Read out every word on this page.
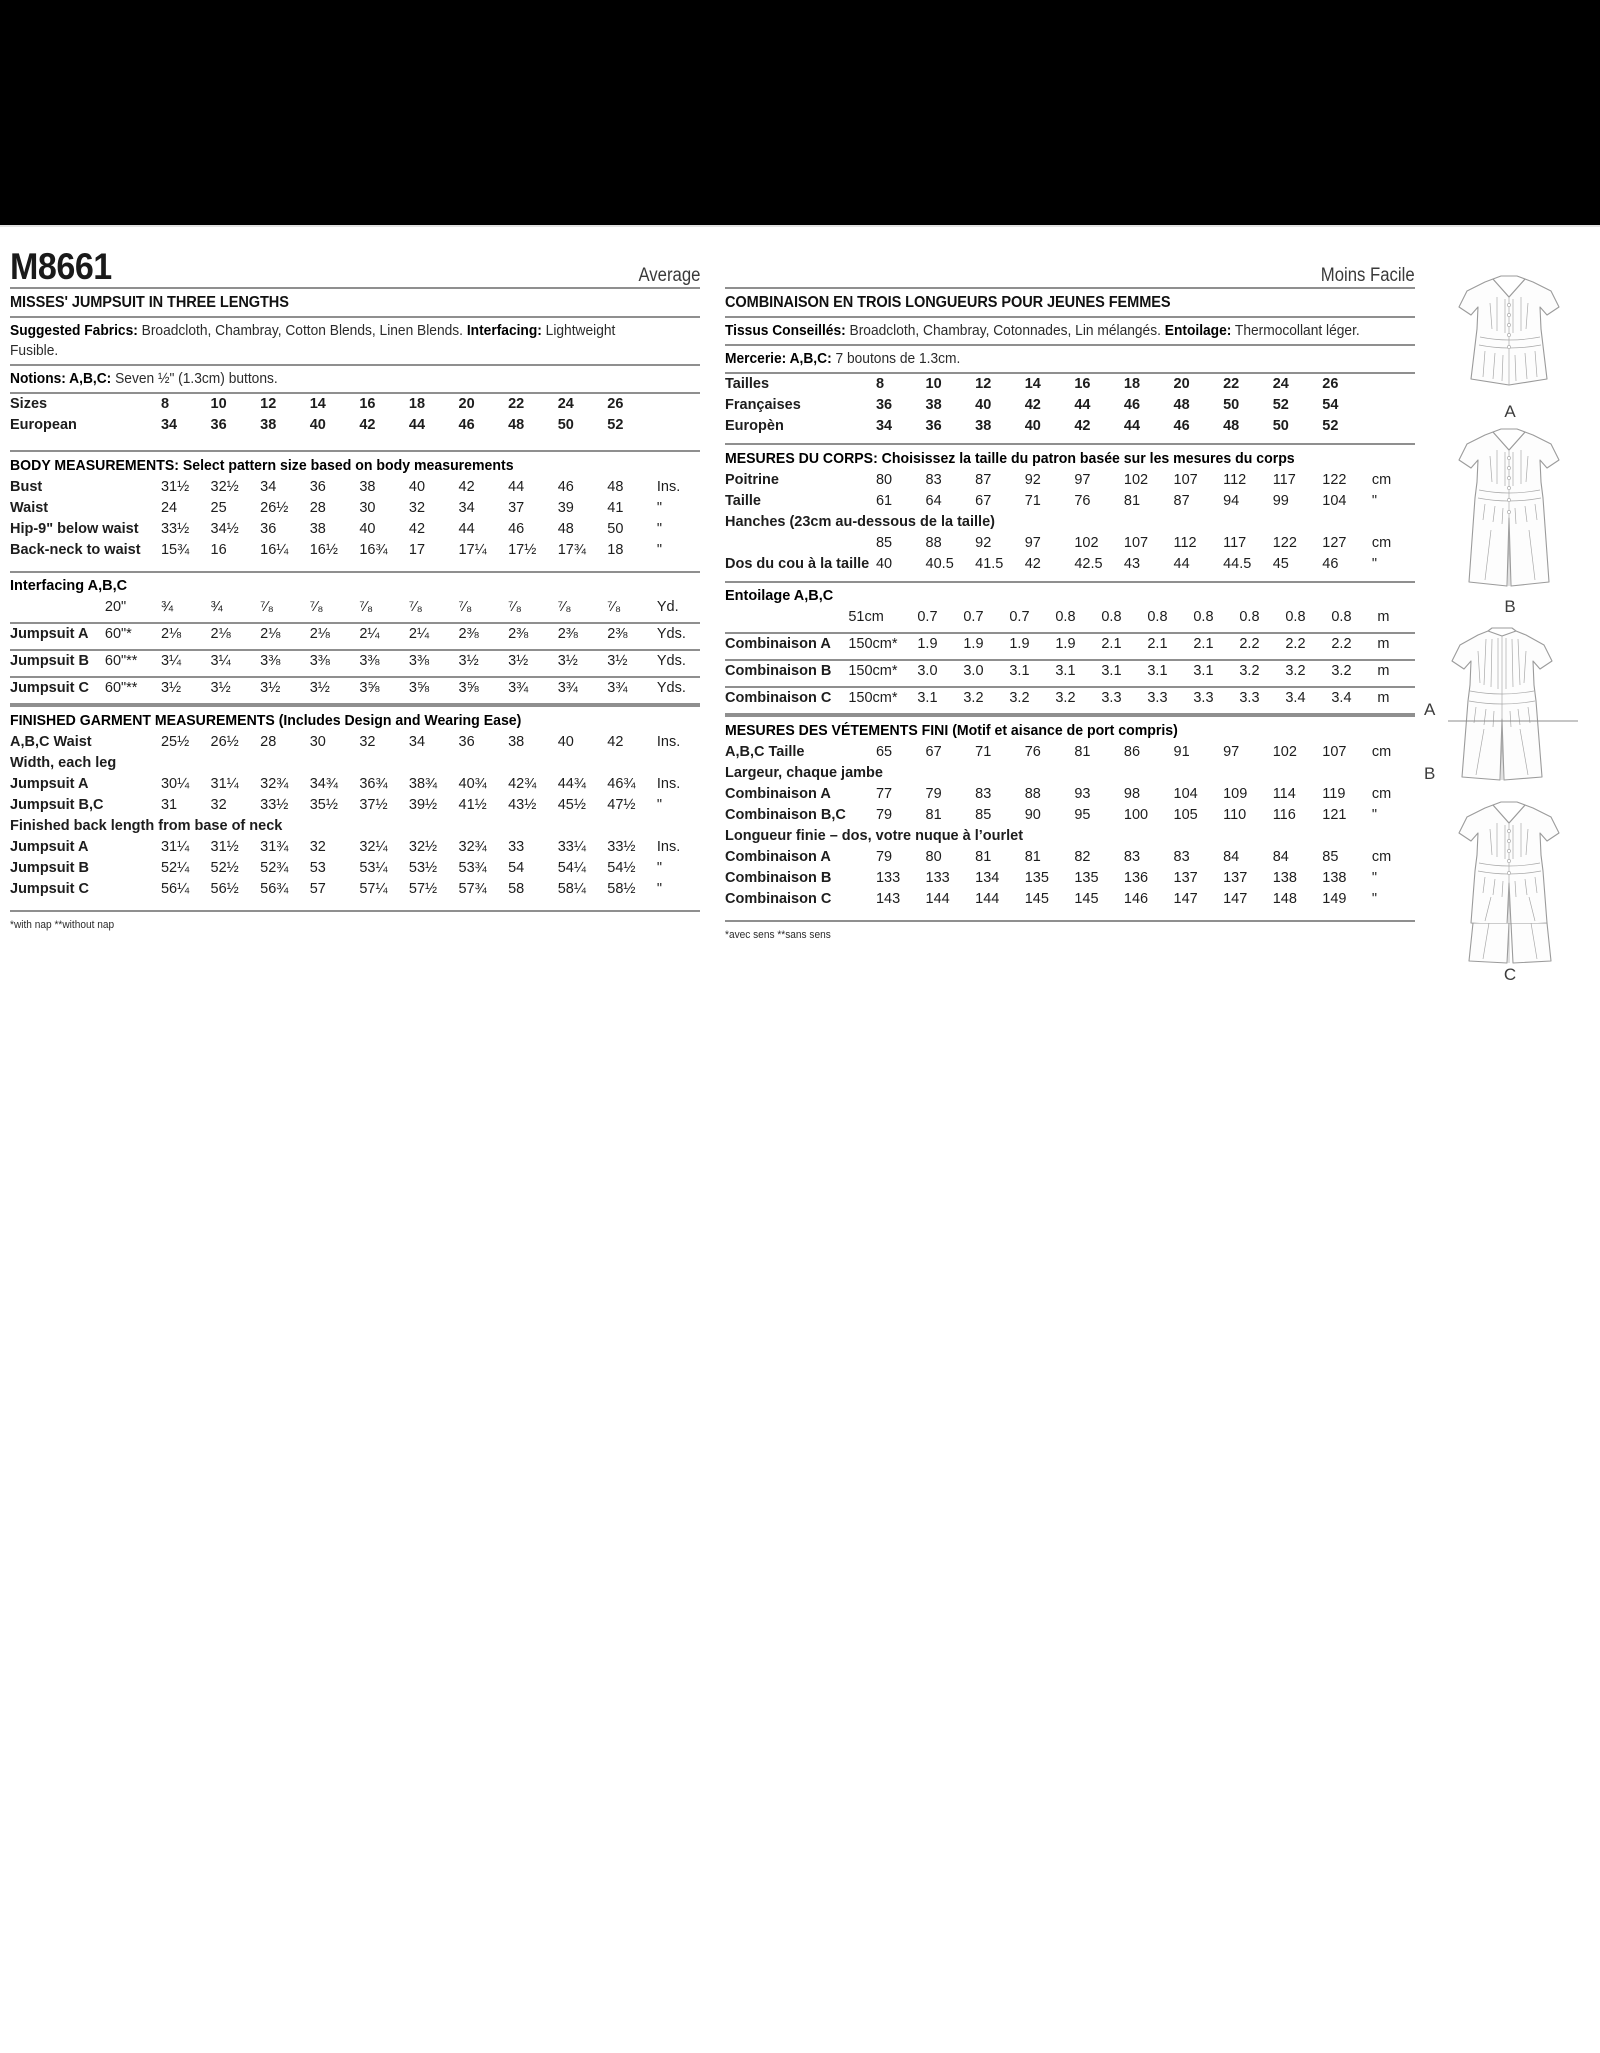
M8661	Average
MISSES' JUMPSUIT IN THREE LENGTHS
Suggested Fabrics: Broadcloth, Chambray, Cotton Blends, Linen Blends. Interfacing: Lightweight Fusible.
Notions: A,B,C: Seven ½" (1.3cm) buttons.
Sizes	8	10	12	14	16	18	20	22	24	26	
European	34	36	38	40	42	44	46	48	50	52	
BODY MEASUREMENTS: Select pattern size based on body measurements
Bust	31½	32½	34	36	38	40	42	44	46	48	Ins.
Waist	24	25	26½	28	30	32	34	37	39	41	"
Hip-9" below waist	33½	34½	36	38	40	42	44	46	48	50	"
Back-neck to waist	15¾	16	16¼	16½	16¾	17	17¼	17½	17¾	18	"
Interfacing A,B,C
	20"	¾	¾	⁷⁄₈	⁷⁄₈	⁷⁄₈	⁷⁄₈	⁷⁄₈	⁷⁄₈	⁷⁄₈	⁷⁄₈	Yd.

Jumpsuit A	60"*	2⅛	2⅛	2⅛	2⅛	2¼	2¼	2⅜	2⅜	2⅜	2⅜	Yds.

Jumpsuit B	60"**	3¼	3¼	3⅜	3⅜	3⅜	3⅜	3½	3½	3½	3½	Yds.

Jumpsuit C	60"**	3½	3½	3½	3½	3⅝	3⅝	3⅝	3¾	3¾	3¾	Yds.

FINISHED GARMENT MEASUREMENTS (Includes Design and Wearing Ease)
A,B,C Waist	25½	26½	28	30	32	34	36	38	40	42	Ins.
Width, each leg											
Jumpsuit A	30¼	31¼	32¾	34¾	36¾	38¾	40¾	42¾	44¾	46¾	Ins.
Jumpsuit B,C	31	32	33½	35½	37½	39½	41½	43½	45½	47½	"
Finished back length from base of neck											
Jumpsuit A	31¼	31½	31¾	32	32¼	32½	32¾	33	33¼	33½	Ins.
Jumpsuit B	52¼	52½	52¾	53	53¼	53½	53¾	54	54¼	54½	"
Jumpsuit C	56¼	56½	56¾	57	57¼	57½	57¾	58	58¼	58½	"
*with nap **without nap
Moins Facile
COMBINAISON EN TROIS LONGUEURS POUR JEUNES FEMMES
Tissus Conseillés: Broadcloth, Chambray, Cotonnades, Lin mélangés. Entoilage: Thermocollant léger.
Mercerie: A,B,C: 7 boutons de 1.3cm.
Tailles	8	10	12	14	16	18	20	22	24	26	
Françaises	36	38	40	42	44	46	48	50	52	54	
Europèn	34	36	38	40	42	44	46	48	50	52	
MESURES DU CORPS: Choisissez la taille du patron basée sur les mesures du corps
Poitrine	80	83	87	92	97	102	107	112	117	122	cm
Taille	61	64	67	71	76	81	87	94	99	104	"
Hanches (23cm au-dessous de la taille)											
	85	88	92	97	102	107	112	117	122	127	cm
Dos du cou à la taille	40	40.5	41.5	42	42.5	43	44	44.5	45	46	"
Entoilage A,B,C
	51cm	0.7	0.7	0.7	0.8	0.8	0.8	0.8	0.8	0.8	0.8	m

Combinaison A	150cm*	1.9	1.9	1.9	1.9	2.1	2.1	2.1	2.2	2.2	2.2	m

Combinaison B	150cm*	3.0	3.0	3.1	3.1	3.1	3.1	3.1	3.2	3.2	3.2	m

Combinaison C	150cm*	3.1	3.2	3.2	3.2	3.3	3.3	3.3	3.3	3.4	3.4	m

MESURES DES VÉTEMENTS FINI (Motif et aisance de port compris)
A,B,C Taille	65	67	71	76	81	86	91	97	102	107	cm
Largeur, chaque jambe											
Combinaison A	77	79	83	88	93	98	104	109	114	119	cm
Combinaison B,C	79	81	85	90	95	100	105	110	116	121	"
Longueur finie – dos, votre nuque à l’ourlet											
Combinaison A	79	80	81	81	82	83	83	84	84	85	cm
Combinaison B	133	133	134	135	135	136	137	137	138	138	"
Combinaison C	143	144	144	145	145	146	147	147	148	149	"
*avec sens **sans sens
A
B
A
B
C
